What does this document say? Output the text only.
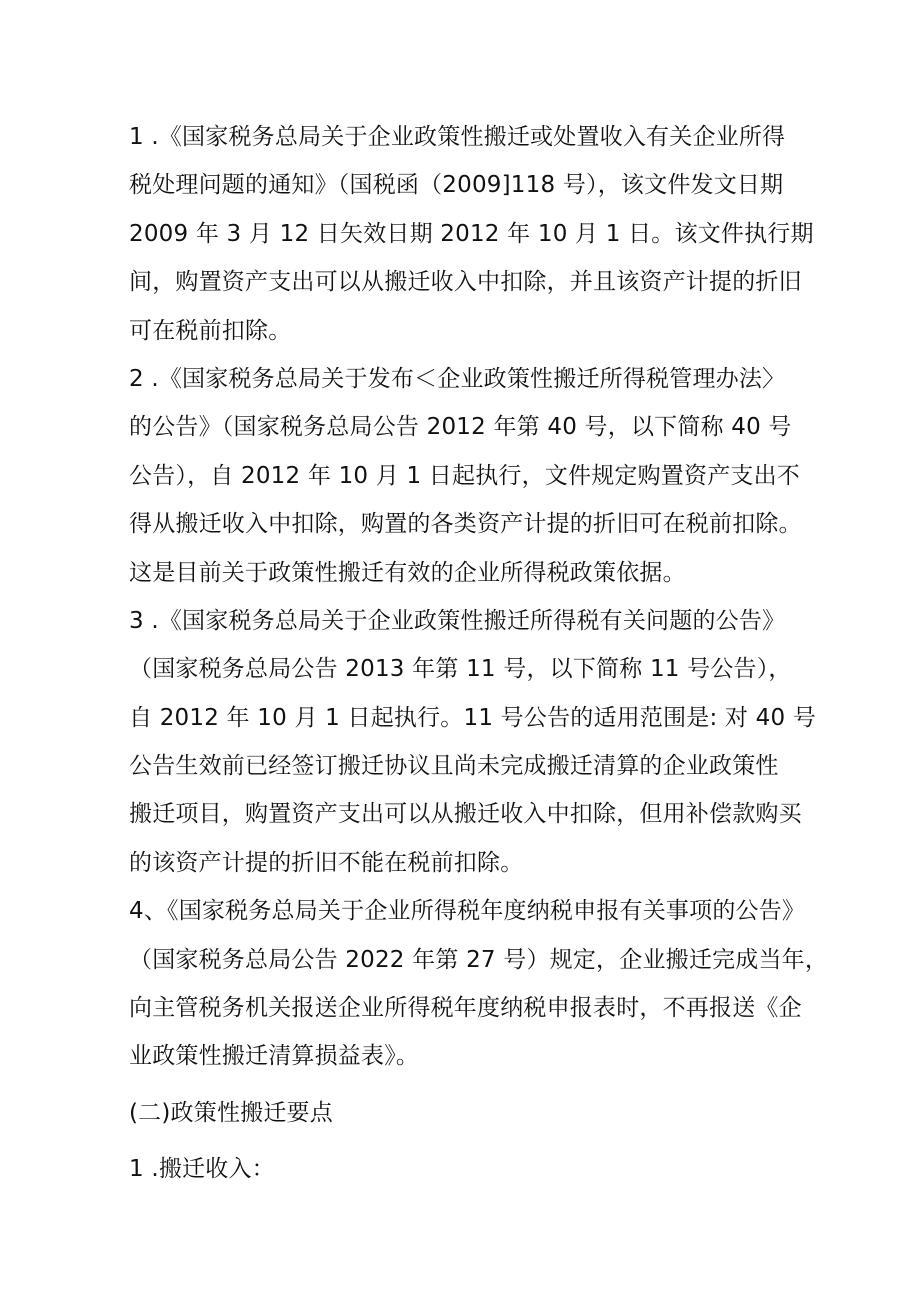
1 .《国家税务总局关于企业政策性搬迁或处置收入有关企业所得
税处理问题的通知》（国税函（2009]118 号），该文件发文日期
2009 年 3 月 12 日矢效日期 2012 年 10 月 1 日。该文件执行期
间，购置资产支出可以从搬迁收入中扣除，并且该资产计提的折旧
可在税前扣除。
2 .《国家税务总局关于发布＜企业政策性搬迁所得税管理办法〉
的公告》（国家税务总局公告 2012 年第 40 号，以下简称 40 号
公告），自 2012 年 10 月 1 日起执行，文件规定购置资产支出不
得从搬迁收入中扣除，购置的各类资产计提的折旧可在税前扣除。
这是目前关于政策性搬迁有效的企业所得税政策依据。
3 .《国家税务总局关于企业政策性搬迁所得税有关问题的公告》
（国家税务总局公告 2013 年第 11 号，以下简称 11 号公告），
自 2012 年 10 月 1 日起执行。11 号公告的适用范围是: 对 40 号
公告生效前已经签订搬迁协议且尚未完成搬迁清算的企业政策性
搬迁项目，购置资产支出可以从搬迁收入中扣除，但用补偿款购买
的该资产计提的折旧不能在税前扣除。
4、《国家税务总局关于企业所得税年度纳税申报有关事项的公告》
（国家税务总局公告 2022 年第 27 号）规定，企业搬迁完成当年，
向主管税务机关报送企业所得税年度纳税申报表时，不再报送《企
业政策性搬迁清算损益表》。
(二)政策性搬迁要点
1 .搬迁收入：
